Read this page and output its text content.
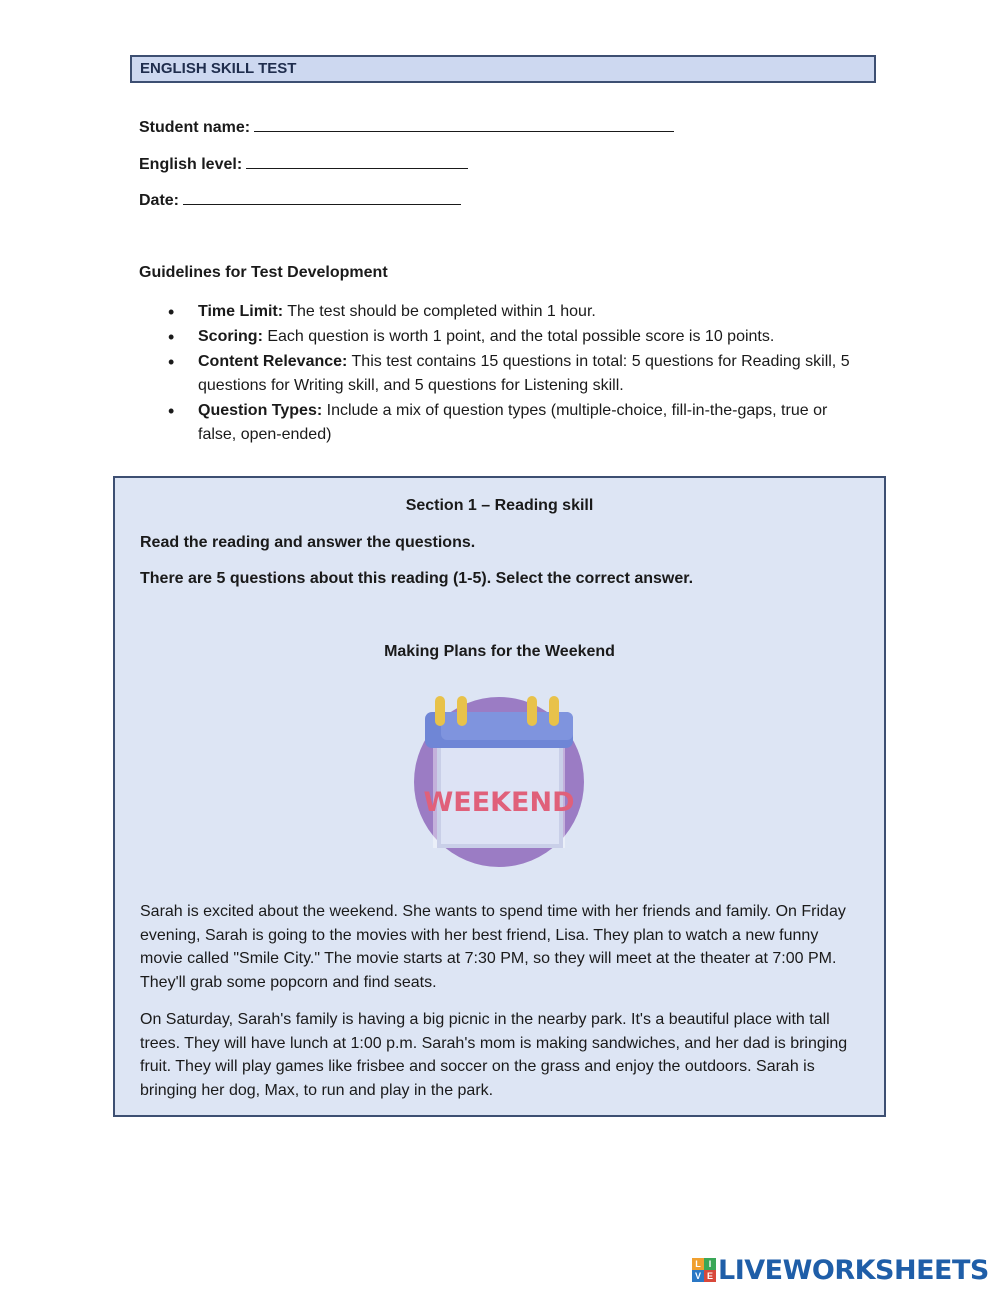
ENGLISH SKILL TEST
Student name:
English level:
Date:
Guidelines for Test Development
• Time Limit: The test should be completed within 1 hour.
• Scoring: Each question is worth 1 point, and the total possible score is 10 points.
• Content Relevance: This test contains 15 questions in total: 5 questions for Reading skill, 5 questions for Writing skill, and 5 questions for Listening skill.
• Question Types: Include a mix of question types (multiple-choice, fill-in-the-gaps, true or false, open-ended)
Section 1 – Reading skill
Read the reading and answer the questions.
There are 5 questions about this reading (1-5). Select the correct answer.
Making Plans for the Weekend
WEEKEND
Sarah is excited about the weekend. She wants to spend time with her friends and family. On Friday evening, Sarah is going to the movies with her best friend, Lisa. They plan to watch a new funny movie called "Smile City." The movie starts at 7:30 PM, so they will meet at the theater at 7:00 PM. They'll grab some popcorn and find seats.
On Saturday, Sarah's family is having a big picnic in the nearby park. It's a beautiful place with tall trees. They will have lunch at 1:00 p.m. Sarah's mom is making sandwiches, and her dad is bringing fruit. They will play games like frisbee and soccer on the grass and enjoy the outdoors. Sarah is bringing her dog, Max, to run and play in the park.
L I
V E LIVEWORKSHEETS
